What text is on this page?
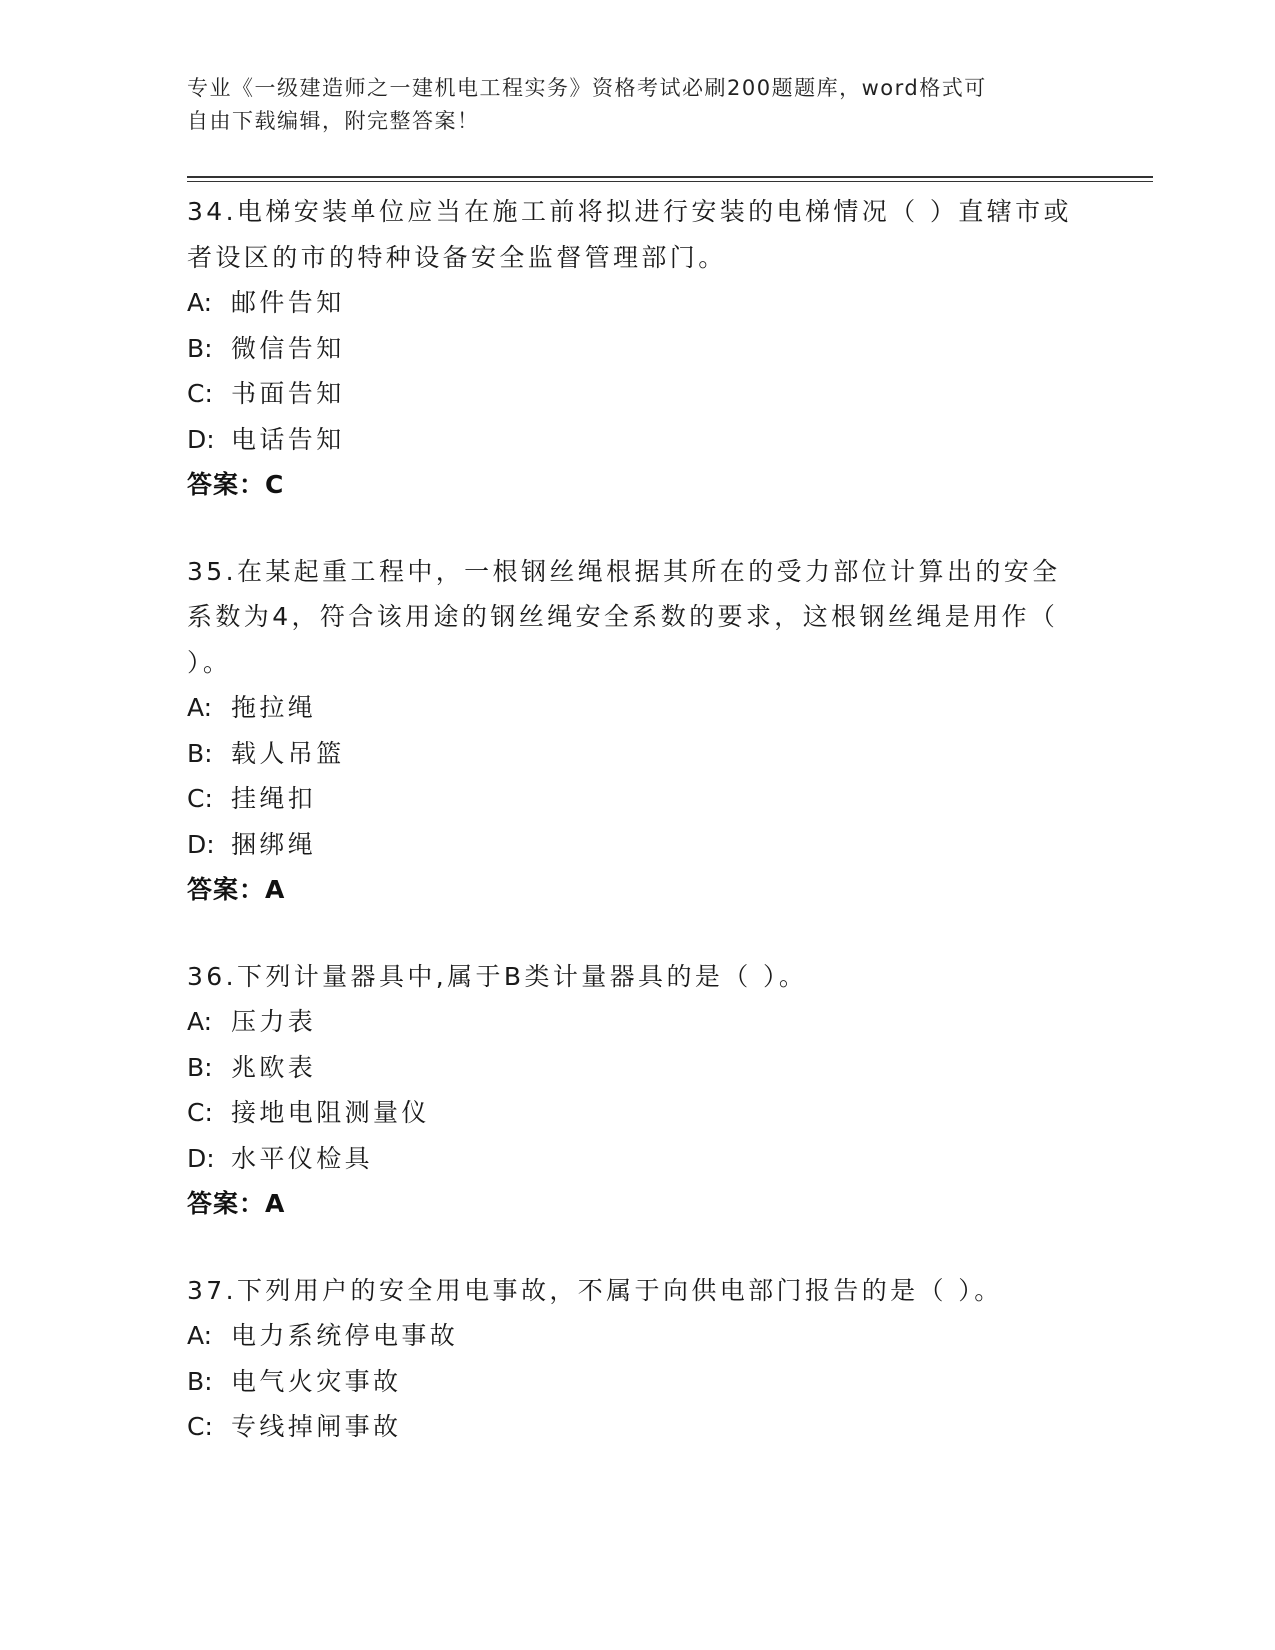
专业《一级建造师之一建机电工程实务》资格考试必刷200题题库，word格式可
自由下载编辑，附完整答案！

34.电梯安装单位应当在施工前将拟进行安装的电梯情况（ ）直辖市或者设区的市的特种设备安全监督管理部门。

A: 邮件告知

B: 微信告知

C: 书面告知

D: 电话告知

答案：C

35.在某起重工程中，一根钢丝绳根据其所在的受力部位计算出的安全系数为4，符合该用途的钢丝绳安全系数的要求，这根钢丝绳是用作（ ）。

A: 拖拉绳

B: 载人吊篮

C: 挂绳扣

D: 捆绑绳

答案：A

36.下列计量器具中,属于B类计量器具的是（ ）。

A: 压力表

B: 兆欧表

C: 接地电阻测量仪

D: 水平仪检具

答案：A

37.下列用户的安全用电事故，不属于向供电部门报告的是（ ）。

A: 电力系统停电事故

B: 电气火灾事故

C: 专线掉闸事故
